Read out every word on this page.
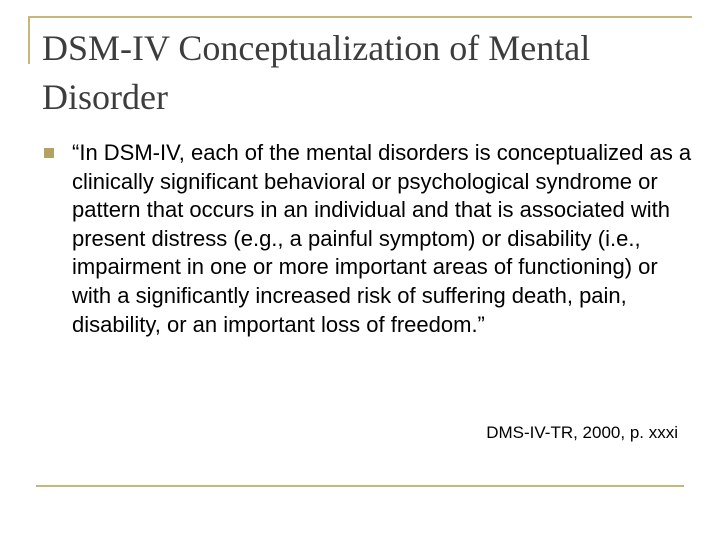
DSM-IV Conceptualization of Mental Disorder

“In DSM-IV, each of the mental disorders is conceptualized as a clinically significant behavioral or psychological syndrome or pattern that occurs in an individual and that is associated with present distress (e.g., a painful symptom) or disability (i.e., impairment in one or more important areas of functioning) or with a significantly increased risk of suffering death, pain, disability, or an important loss of freedom.”

DMS-IV-TR, 2000, p. xxxi
